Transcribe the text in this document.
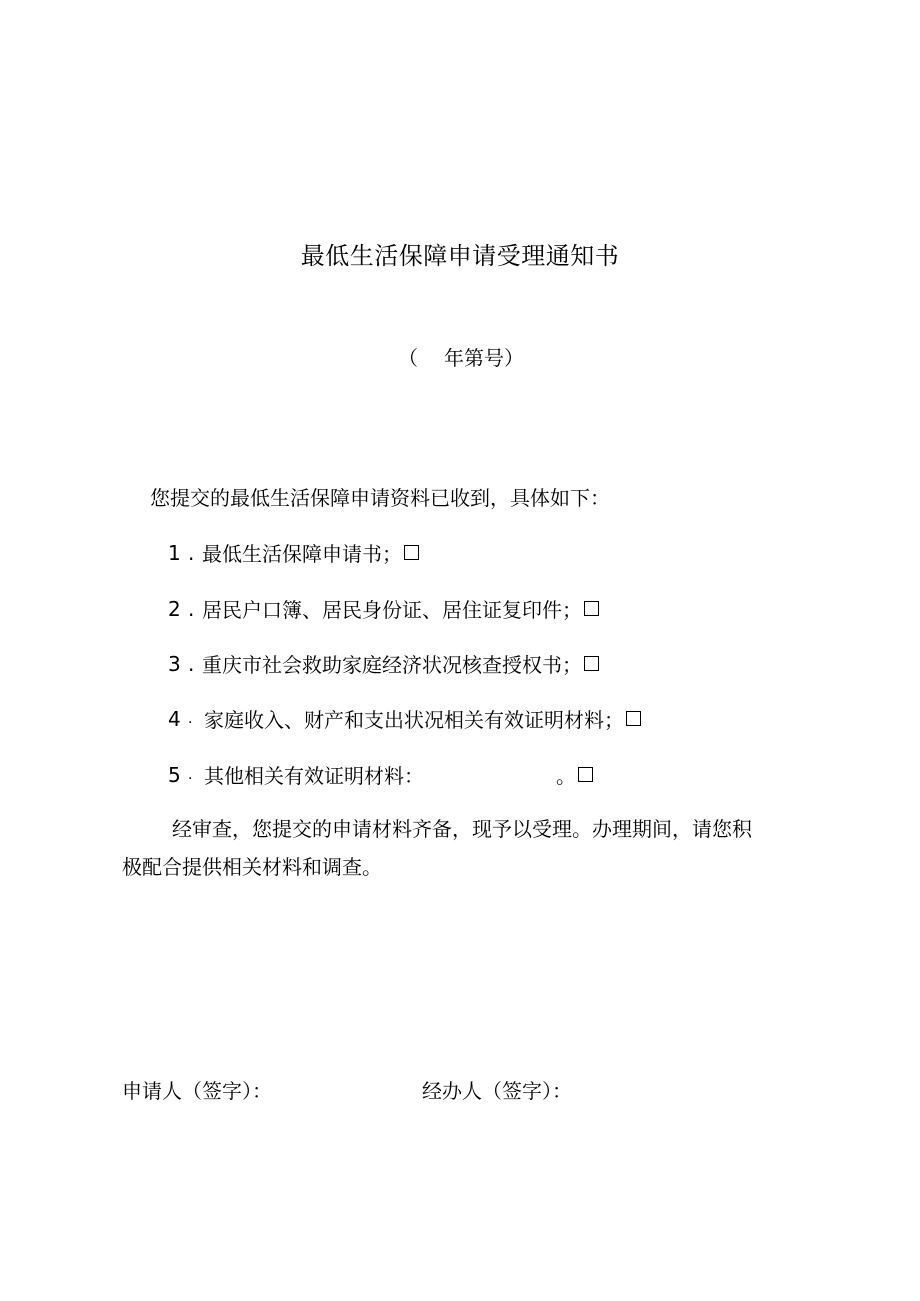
最低生活保障申请受理通知书
（ 年第号）
您提交的最低生活保障申请资料已收到，具体如下：
1 . 最低生活保障申请书；
2 . 居民户口簿、居民身份证、居住证复印件；
3 . 重庆市社会救助家庭经济状况核查授权书；
4 . 家庭收入、财产和支出状况相关有效证明材料；
5 . 其他相关有效证明材料：	。
经审查，您提交的申请材料齐备，现予以受理。办理期间，请您积
极配合提供相关材料和调查。
申请人（签字）：	经办人（签字）：
